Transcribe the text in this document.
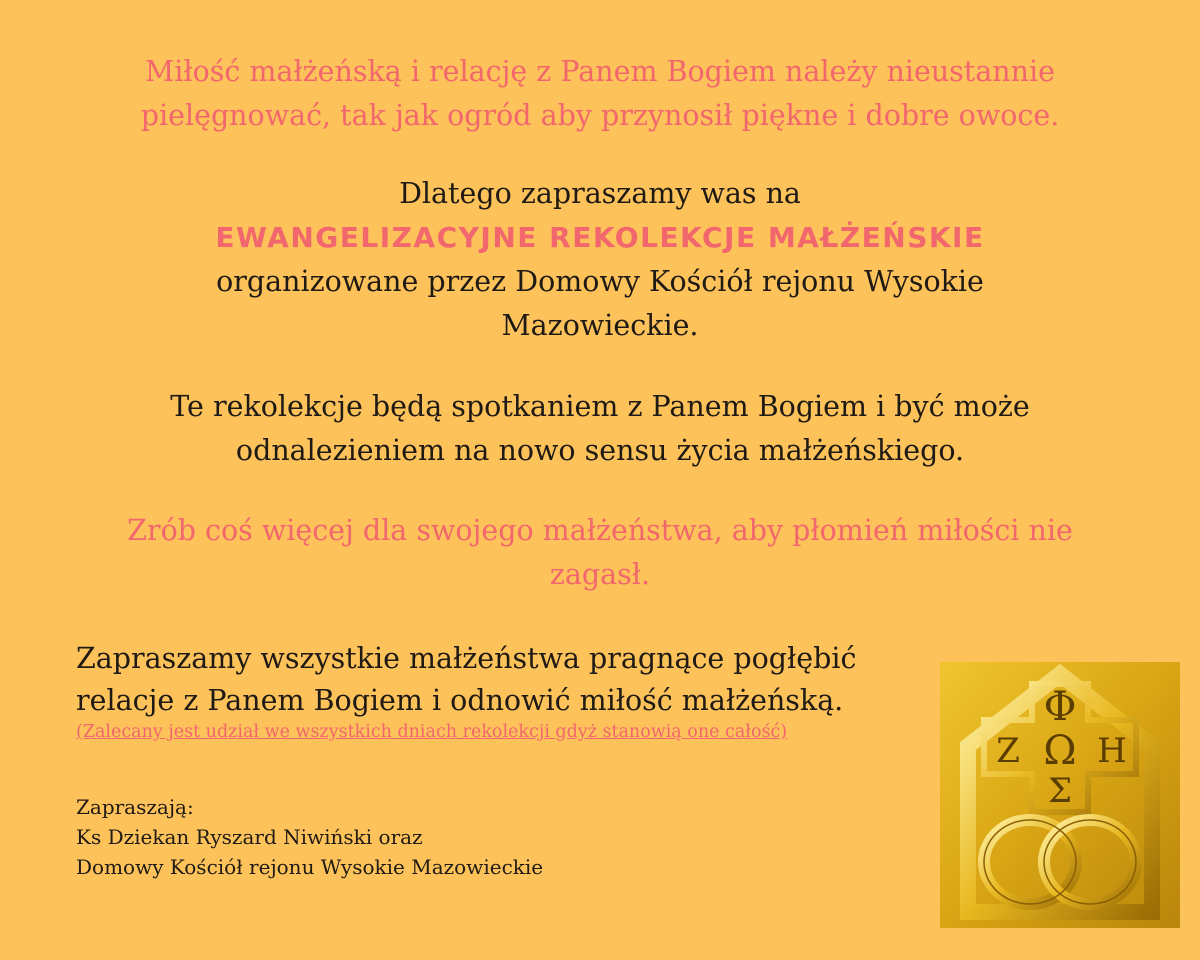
Miłość małżeńską i relację z Panem Bogiem należy nieustannie
pielęgnować, tak jak ogród aby przynosił piękne i dobre owoce.
Dlatego zapraszamy was na
EWANGELIZACYJNE REKOLEKCJE MAŁŻEŃSKIE
organizowane przez Domowy Kościół rejonu Wysokie
Mazowieckie.
Te rekolekcje będą spotkaniem z Panem Bogiem i być może
odnalezieniem na nowo sensu życia małżeńskiego.
Zrób coś więcej dla swojego małżeństwa, aby płomień miłości nie
zagasł.
Zapraszamy wszystkie małżeństwa pragnące pogłębić
relacje z Panem Bogiem i odnowić miłość małżeńską.
(Zalecany jest udział we wszystkich dniach rekolekcji gdyż stanowią one całość)
Zapraszają:
Ks Dziekan Ryszard Niwiński oraz
Domowy Kościół rejonu Wysokie Mazowieckie
Φ
Z Ω H
Σ
